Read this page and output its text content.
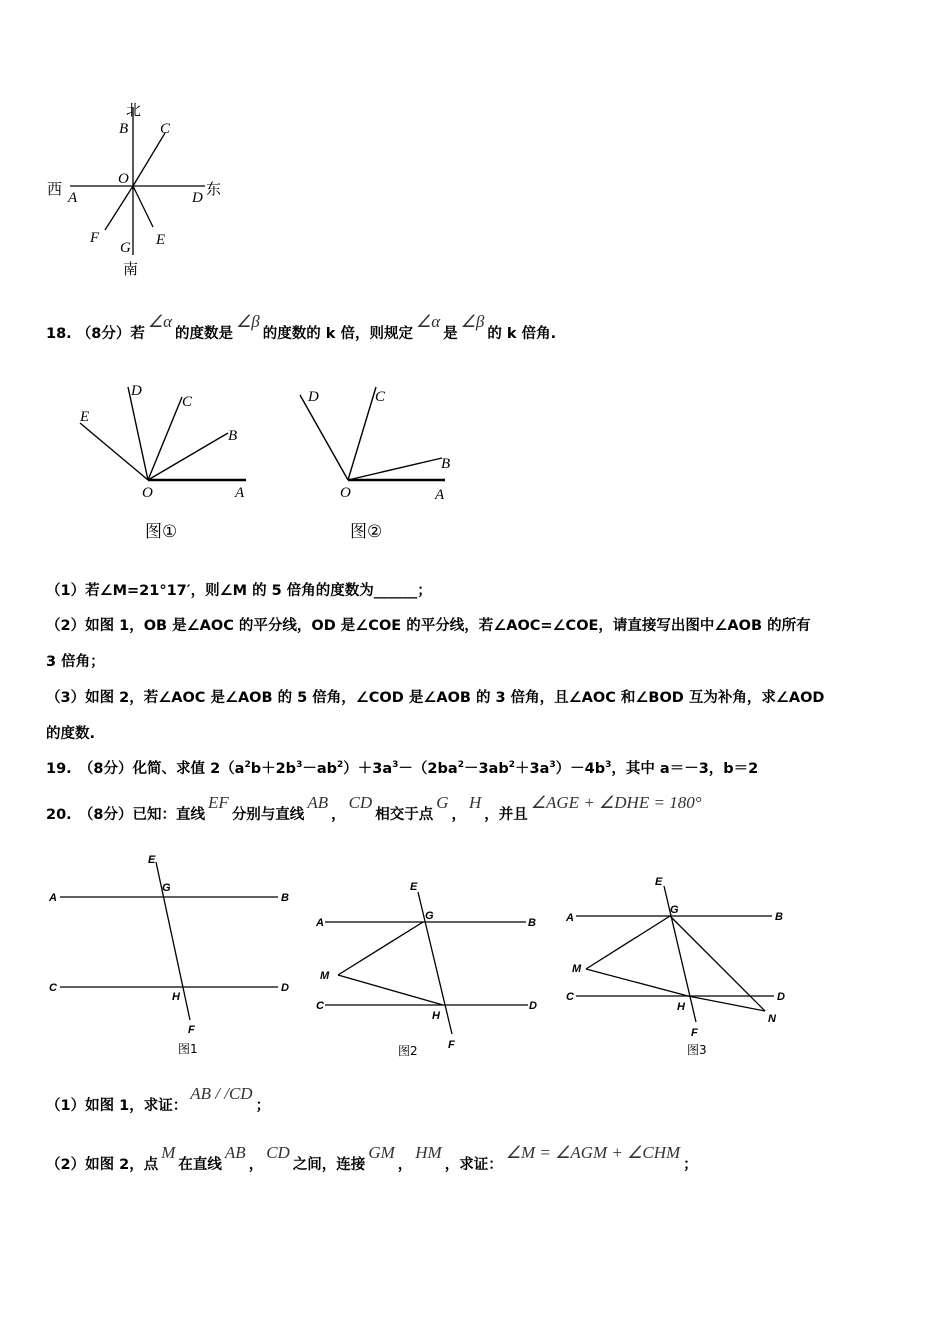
北
B C
O
西 A	D 东
F
G E
南
18. （8分）若∠α的度数是∠β的度数的 k 倍，则规定∠α是∠β的 k 倍角.
E
D
C
B
O	A
图①
D	C
B
O	A
图②
（1）若∠M=21°17′，则∠M 的 5 倍角的度数为______；
（2）如图 1，OB 是∠AOC 的平分线，OD 是∠COE 的平分线，若∠AOC=∠COE，请直接写出图中∠AOB 的所有
3 倍角；
（3）如图 2，若∠AOC 是∠AOB 的 5 倍角，∠COD 是∠AOB 的 3 倍角，且∠AOC 和∠BOD 互为补角，求∠AOD
的度数.
19.　（8分）化简、求值 $2(a^2b+2b^3-ab^2)+3a^3-(2ba^2-3ab^2+3a^3)-4b^3$，其中 a＝－3，b＝2
20.　（8分）已知：直线EF分别与直线AB，CD相交于点G，H，并且∠AGE + ∠DHE = 180°
E
A
G
B
C
H
D
F
图1
E
A
G
B
M
C
H
D
F
图2
E
A
G
B
M
C
H
D
F
N
图3
（1）如图 1，求证：AB / /CD；
（2）如图 2，点M在直线AB，CD之间，连接GM，HM，求证：∠M = ∠AGM + ∠CHM；
